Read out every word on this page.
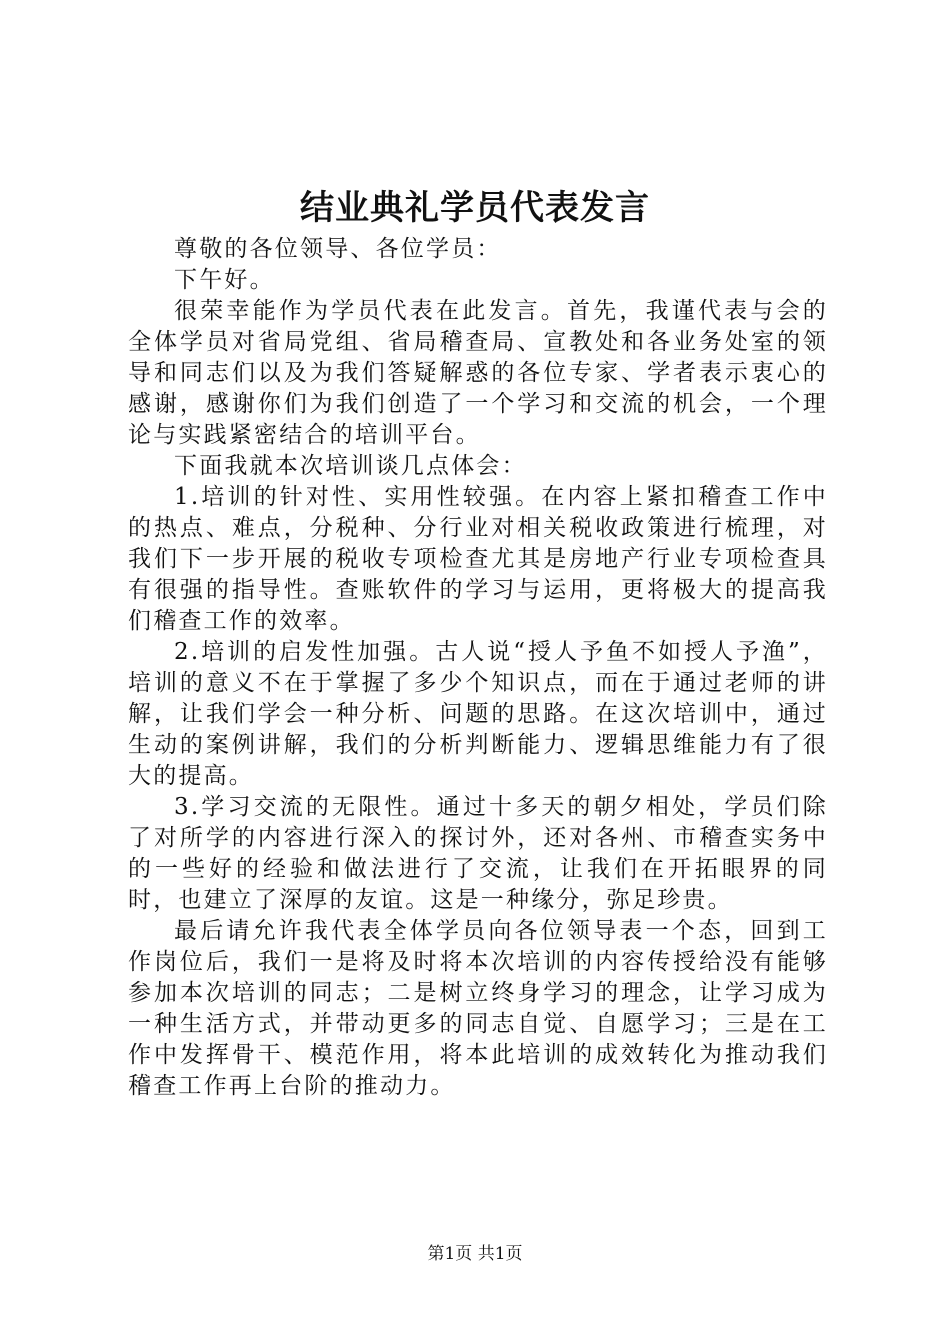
结业典礼学员代表发言

尊敬的各位领导、各位学员：

下午好。

很荣幸能作为学员代表在此发言。首先，我谨代表与会的全体学员对省局党组、省局稽查局、宣教处和各业务处室的领导和同志们以及为我们答疑解惑的各位专家、学者表示衷心的感谢，感谢你们为我们创造了一个学习和交流的机会，一个理论与实践紧密结合的培训平台。

下面我就本次培训谈几点体会：

1.培训的针对性、实用性较强。在内容上紧扣稽查工作中的热点、难点，分税种、分行业对相关税收政策进行梳理，对我们下一步开展的税收专项检查尤其是房地产行业专项检查具有很强的指导性。查账软件的学习与运用，更将极大的提高我们稽查工作的效率。

2.培训的启发性加强。古人说“授人予鱼不如授人予渔”，培训的意义不在于掌握了多少个知识点，而在于通过老师的讲解，让我们学会一种分析、问题的思路。在这次培训中，通过生动的案例讲解，我们的分析判断能力、逻辑思维能力有了很大的提高。

3.学习交流的无限性。通过十多天的朝夕相处，学员们除了对所学的内容进行深入的探讨外，还对各州、市稽查实务中的一些好的经验和做法进行了交流，让我们在开拓眼界的同时，也建立了深厚的友谊。这是一种缘分，弥足珍贵。

最后请允许我代表全体学员向各位领导表一个态，回到工作岗位后，我们一是将及时将本次培训的内容传授给没有能够参加本次培训的同志；二是树立终身学习的理念，让学习成为一种生活方式，并带动更多的同志自觉、自愿学习；三是在工作中发挥骨干、模范作用，将本此培训的成效转化为推动我们稽查工作再上台阶的推动力。

第1页 共1页
